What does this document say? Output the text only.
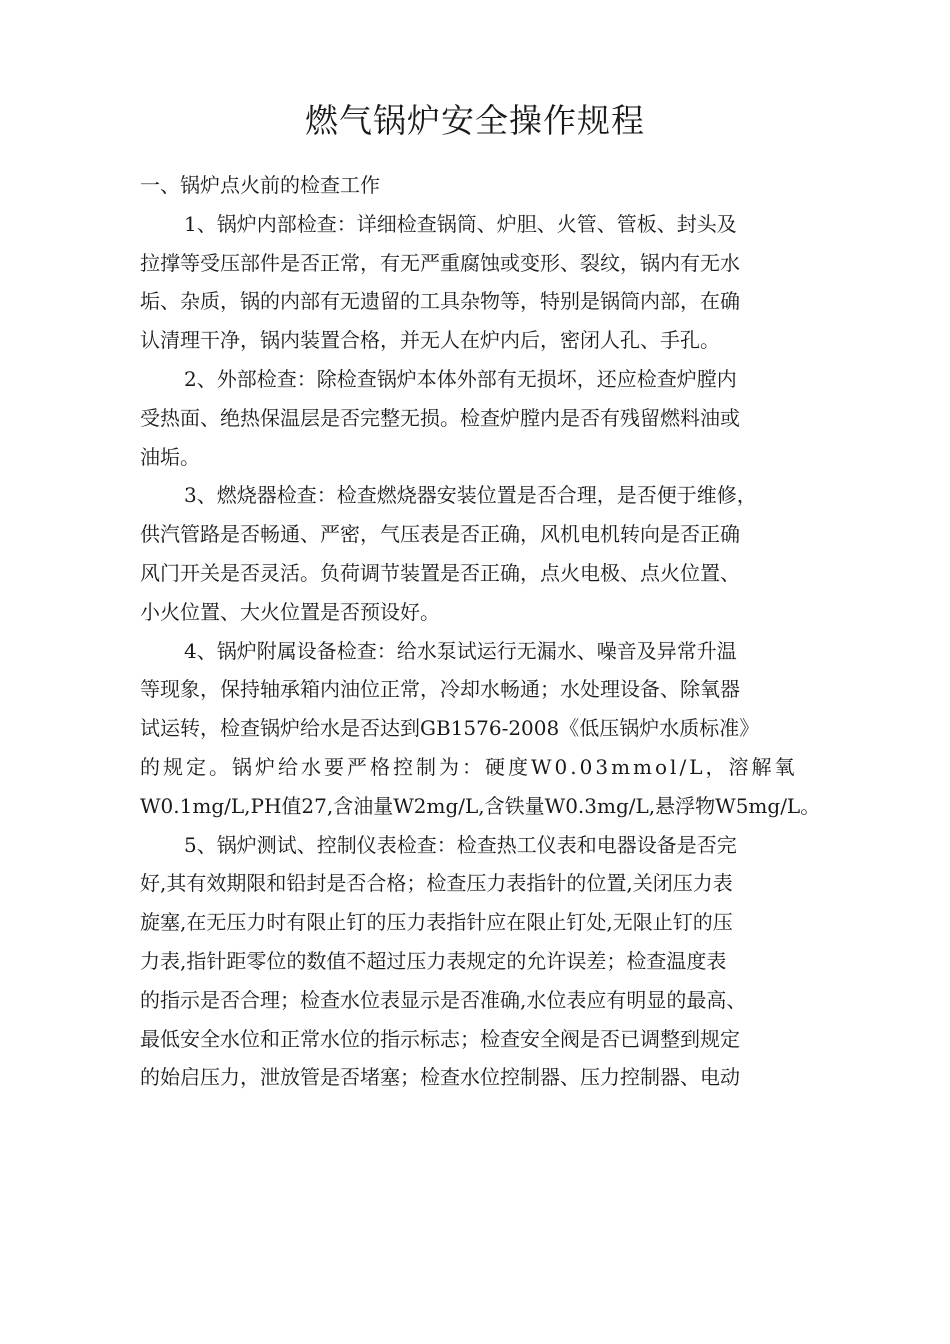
燃气锅炉安全操作规程
一、锅炉点火前的检查工作
1、锅炉内部检查：详细检查锅筒、炉胆、火管、管板、封头及
拉撑等受压部件是否正常，有无严重腐蚀或变形、裂纹，锅内有无水
垢、杂质，锅的内部有无遗留的工具杂物等，特别是锅筒内部，在确
认清理干净，锅内装置合格，并无人在炉内后，密闭人孔、手孔。
2、外部检查：除检查锅炉本体外部有无损坏，还应检查炉膛内
受热面、绝热保温层是否完整无损。检查炉膛内是否有残留燃料油或
油垢。
3、燃烧器检查：检查燃烧器安装位置是否合理，是否便于维修，
供汽管路是否畅通、严密，气压表是否正确，风机电机转向是否正确
风门开关是否灵活。负荷调节装置是否正确，点火电极、点火位置、
小火位置、大火位置是否预设好。
4、锅炉附属设备检查：给水泵试运行无漏水、噪音及异常升温
等现象，保持轴承箱内油位正常，冷却水畅通；水处理设备、除氧器
试运转，检查锅炉给水是否达到GB1576-2008《低压锅炉水质标准》
的规定。锅炉给水要严格控制为：硬度W0.03mmol/L，溶解氧
W0.1mg/L,PH值27,含油量W2mg/L,含铁量W0.3mg/L,悬浮物W5mg/L。
5、锅炉测试、控制仪表检查：检查热工仪表和电器设备是否完
好,其有效期限和铅封是否合格；检查压力表指针的位置,关闭压力表
旋塞,在无压力时有限止钉的压力表指针应在限止钉处,无限止钉的压
力表,指针距零位的数值不超过压力表规定的允许误差；检查温度表
的指示是否合理；检查水位表显示是否准确,水位表应有明显的最高、
最低安全水位和正常水位的指示标志；检查安全阀是否已调整到规定
的始启压力，泄放管是否堵塞；检查水位控制器、压力控制器、电动
